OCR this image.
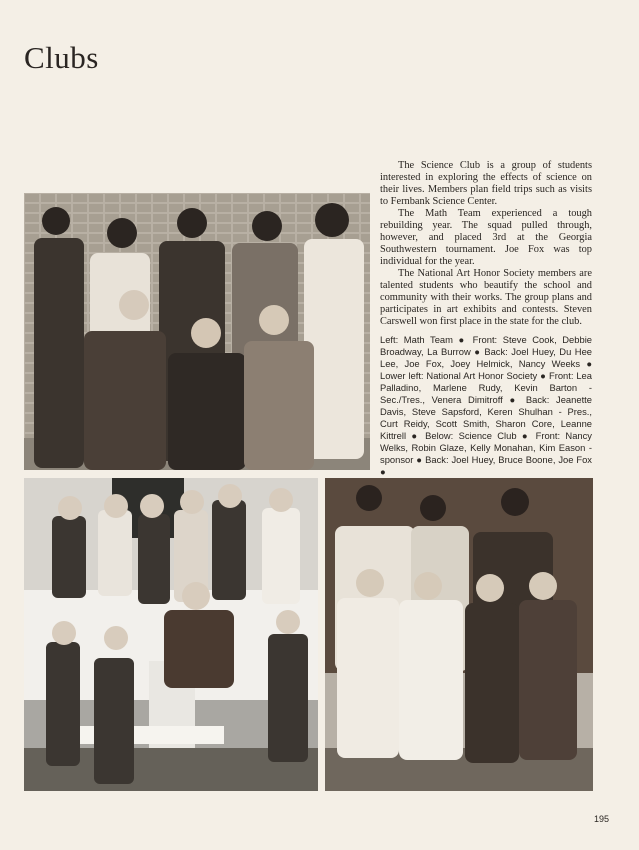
Clubs

The Science Club is a group of students interested in exploring the effects of science on their lives. Members plan field trips such as visits to Fernbank Science Center.

The Math Team experienced a tough rebuilding year. The squad pulled through, however, and placed 3rd at the Georgia Southwestern tournament. Joe Fox was top individual for the year.

The National Art Honor Society members are talented students who beautify the school and community with their works. The group plans and participates in art exhibits and contests. Steven Carswell won first place in the state for the club.

Left: Math Team ● Front: Steve Cook, Debbie Broadway, La Burrow ● Back: Joel Huey, Du Hee Lee, Joe Fox, Joey Helmick, Nancy Weeks ● Lower left: National Art Honor Society ● Front: Lea Palladino, Marlene Rudy, Kevin Barton - Sec./Tres., Venera Dimitroff ● Back: Jeanette Davis, Steve Sapsford, Keren Shulhan - Pres., Curt Reidy, Scott Smith, Sharon Core, Leanne Kittrell ● Below: Science Club ● Front: Nancy Welks, Robin Glaze, Kelly Monahan, Kim Eason - sponsor ● Back: Joel Huey, Bruce Boone, Joe Fox ●
195
